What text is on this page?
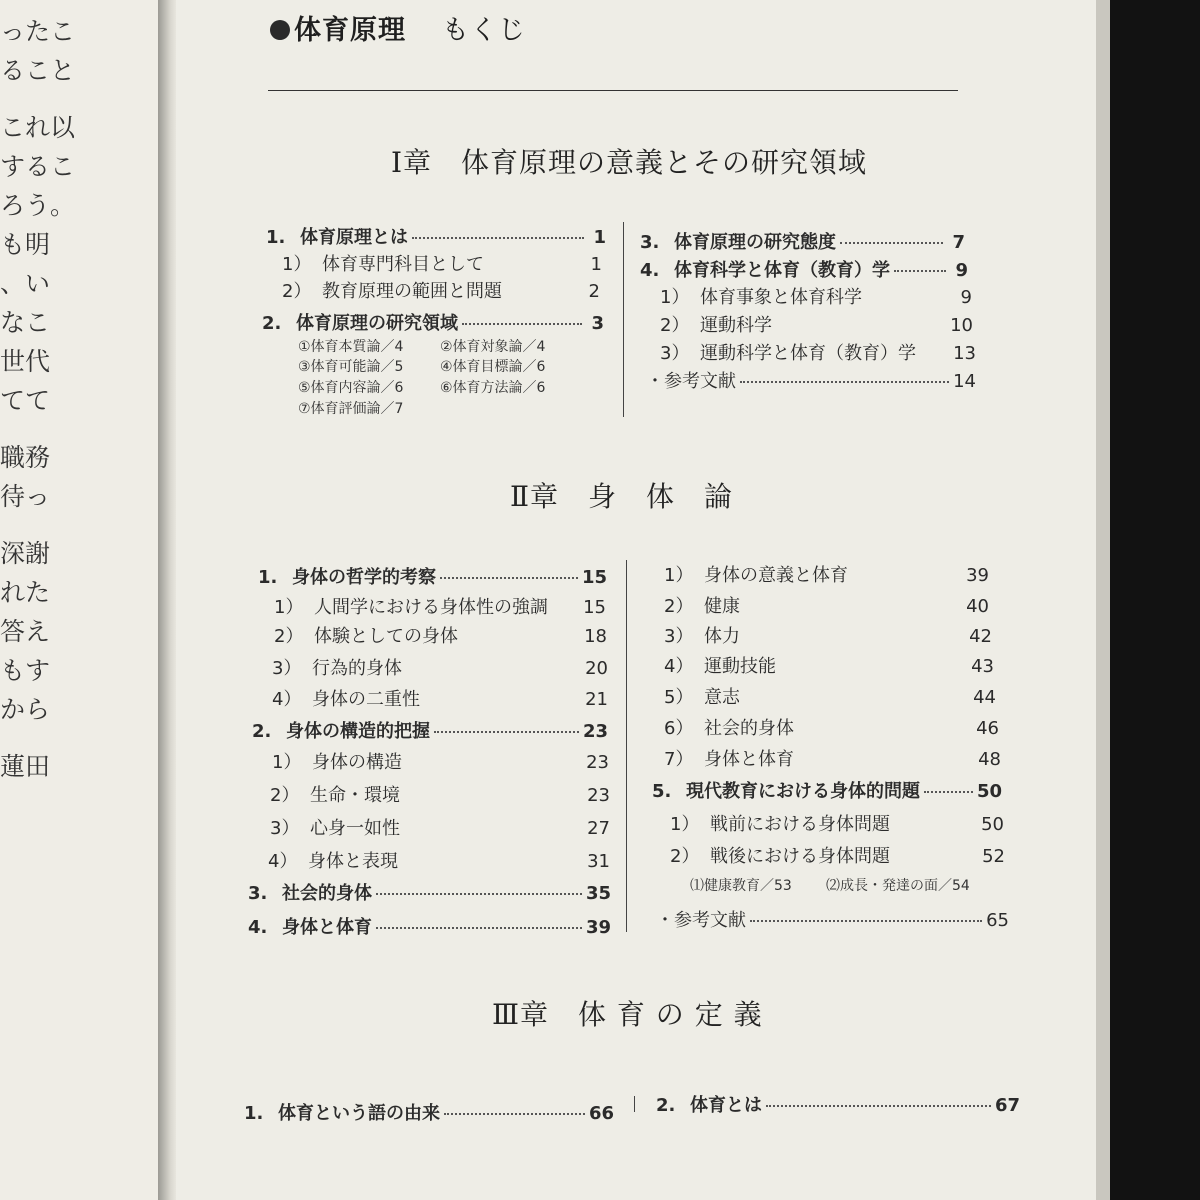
ったこ
ること
これ以
するこ
ろう。
も明
、い
なこ
世代
てて
職務
待っ
深謝
れた
答え
もす
から
蓮田
体育原理 もくじ
Ⅰ章　体育原理の意義とその研究領域
Ⅱ章　身　体　論
Ⅲ章　体 育 の 定 義
1. 体育原理とは	1
1） 体育専門科目として	1
2） 教育原理の範囲と問題	2
2. 体育原理の研究領域	3
①体育本質論／4	②体育対象論／4
③体育可能論／5	④体育目標論／6
⑤体育内容論／6	⑥体育方法論／6
⑦体育評価論／7
3. 体育原理の研究態度	7
4. 体育科学と体育（教育）学	9
1） 体育事象と体育科学	9
2） 運動科学	10
3） 運動科学と体育（教育）学 13
・参考文献	14
1. 身体の哲学的考察	15
1） 人間学における身体性の強調 15
2） 体験としての身体	18
3） 行為的身体	20
4） 身体の二重性	21
2. 身体の構造的把握	23
1） 身体の構造	23
2） 生命・環境	23
3） 心身一如性	27
4） 身体と表現	31
3. 社会的身体	35
4. 身体と体育	39
1） 身体の意義と体育	39
2） 健康	40
3） 体力	42
4） 運動技能	43
5） 意志	44
6） 社会的身体	46
7） 身体と体育	48
5. 現代教育における身体的問題	50
1） 戦前における身体問題	50
2） 戦後における身体問題	52
・参考文献	65
⑴健康教育／53 ⑵成長・発達の面／54
1. 体育という語の由来	66 2. 体育とは	67
